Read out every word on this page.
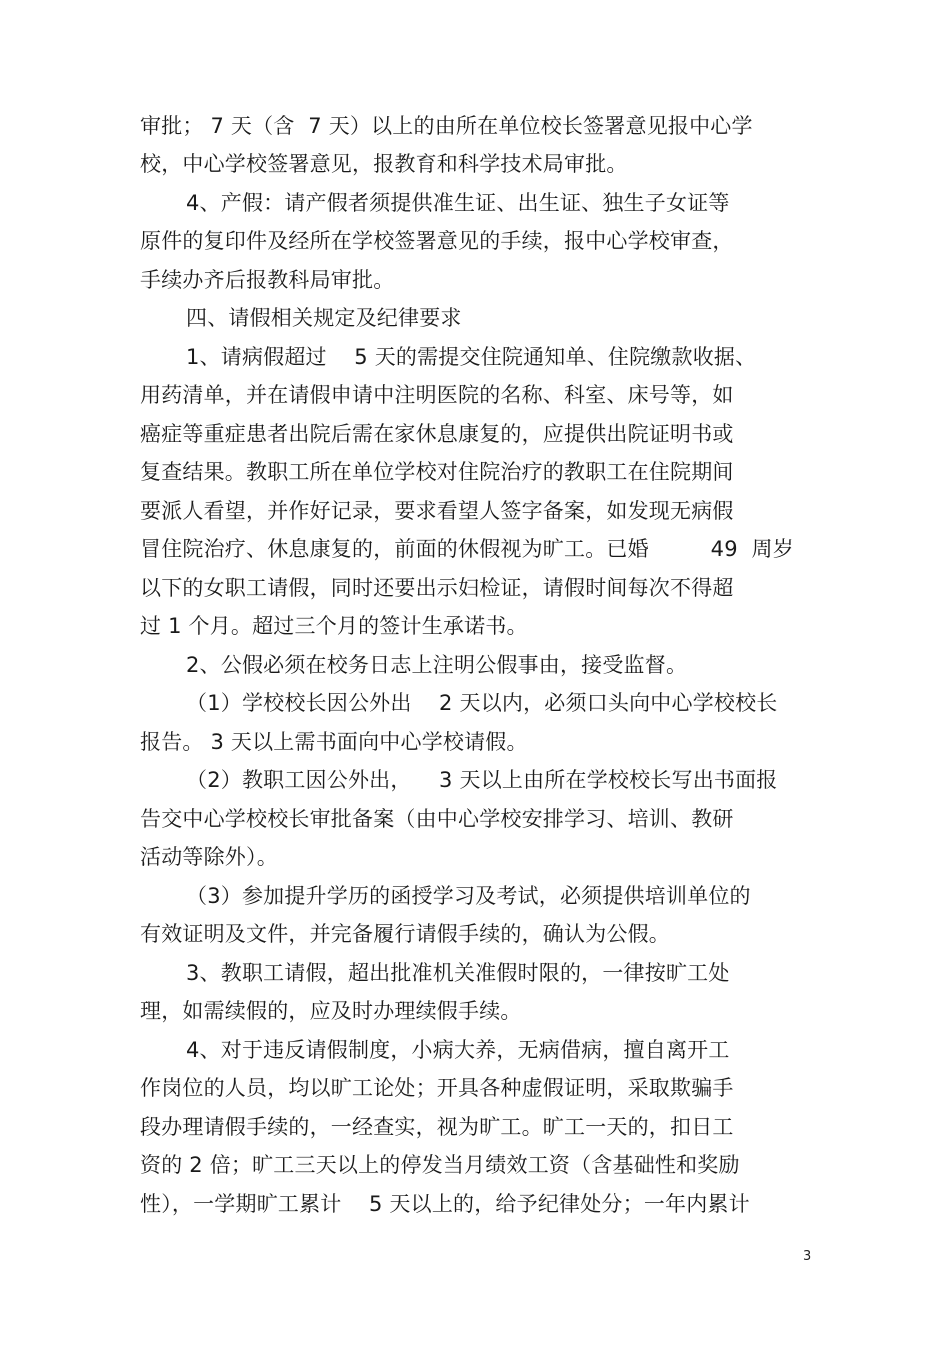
审批； 7 天（含  7 天）以上的由所在单位校长签署意见报中心学
校，中心学校签署意见，报教育和科学技术局审批。
4、产假：请产假者须提供准生证、出生证、独生子女证等
原件的复印件及经所在学校签署意见的手续，报中心学校审查，
手续办齐后报教科局审批。
四、请假相关规定及纪律要求
1、请病假超过    5 天的需提交住院通知单、住院缴款收据、
用药清单，并在请假申请中注明医院的名称、科室、床号等，如
癌症等重症患者出院后需在家休息康复的，应提供出院证明书或
复查结果。教职工所在单位学校对住院治疗的教职工在住院期间
要派人看望，并作好记录，要求看望人签字备案，如发现无病假
冒住院治疗、休息康复的，前面的休假视为旷工。已婚         49  周岁
以下的女职工请假，同时还要出示妇检证，请假时间每次不得超
过 1 个月。超过三个月的签计生承诺书。
2、公假必须在校务日志上注明公假事由，接受监督。
（1）学校校长因公外出    2 天以内，必须口头向中心学校校长
报告。 3 天以上需书面向中心学校请假。
（2）教职工因公外出，    3 天以上由所在学校校长写出书面报
告交中心学校校长审批备案（由中心学校安排学习、培训、教研
活动等除外）。
（3）参加提升学历的函授学习及考试，必须提供培训单位的
有效证明及文件，并完备履行请假手续的，确认为公假。
3、教职工请假，超出批准机关准假时限的，一律按旷工处
理，如需续假的，应及时办理续假手续。
4、对于违反请假制度，小病大养，无病借病，擅自离开工
作岗位的人员，均以旷工论处；开具各种虚假证明，采取欺骗手
段办理请假手续的，一经查实，视为旷工。旷工一天的，扣日工
资的 2 倍；旷工三天以上的停发当月绩效工资（含基础性和奖励
性），一学期旷工累计    5 天以上的，给予纪律处分；一年内累计
3
